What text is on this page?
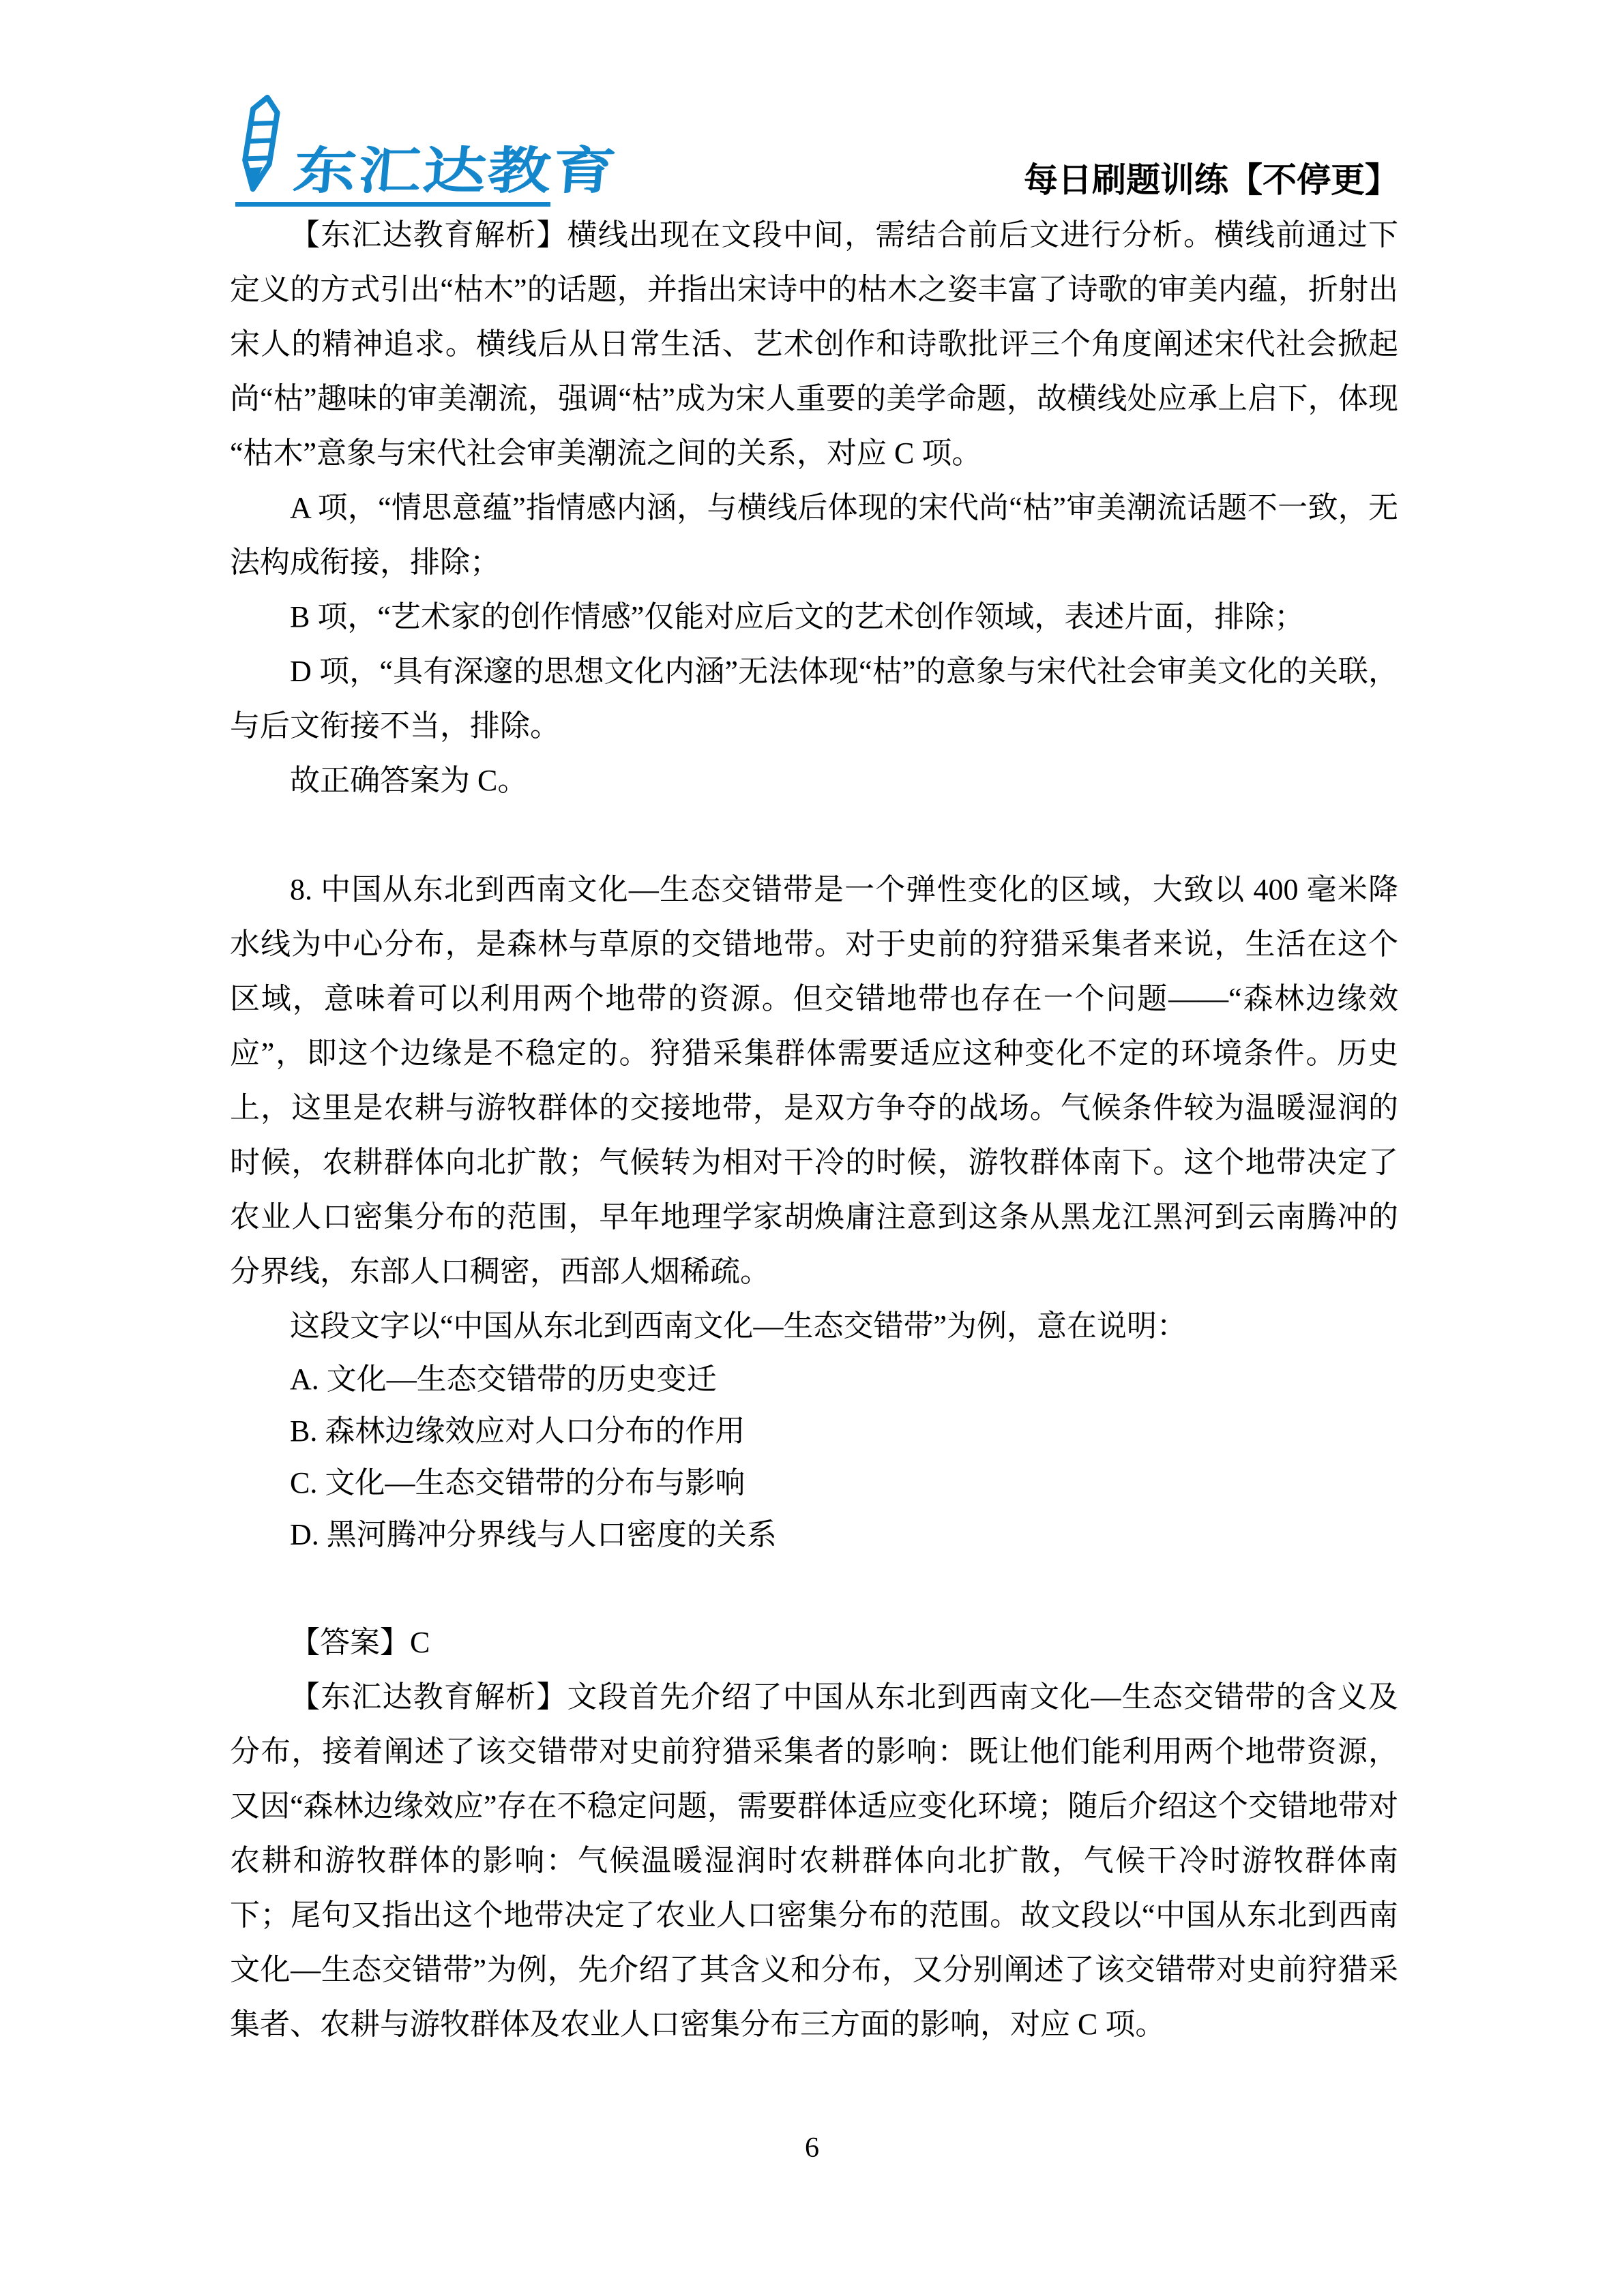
东汇达教育	每日刷题训练【不停更】

【东汇达教育解析】横线出现在文段中间，需结合前后文进行分析。横线前通过下定义的方式引出“枯木”的话题，并指出宋诗中的枯木之姿丰富了诗歌的审美内蕴，折射出宋人的精神追求。横线后从日常生活、艺术创作和诗歌批评三个角度阐述宋代社会掀起尚“枯”趣味的审美潮流，强调“枯”成为宋人重要的美学命题，故横线处应承上启下，体现“枯木”意象与宋代社会审美潮流之间的关系，对应 C 项。

A 项，“情思意蕴”指情感内涵，与横线后体现的宋代尚“枯”审美潮流话题不一致，无法构成衔接，排除；

B 项，“艺术家的创作情感”仅能对应后文的艺术创作领域，表述片面，排除；

D 项，“具有深邃的思想文化内涵”无法体现“枯”的意象与宋代社会审美文化的关联，与后文衔接不当，排除。

故正确答案为 C。

8. 中国从东北到西南文化—生态交错带是一个弹性变化的区域，大致以 400 毫米降水线为中心分布，是森林与草原的交错地带。对于史前的狩猎采集者来说，生活在这个区域，意味着可以利用两个地带的资源。但交错地带也存在一个问题——“森林边缘效应”，即这个边缘是不稳定的。狩猎采集群体需要适应这种变化不定的环境条件。历史上，这里是农耕与游牧群体的交接地带，是双方争夺的战场。气候条件较为温暖湿润的时候，农耕群体向北扩散；气候转为相对干冷的时候，游牧群体南下。这个地带决定了农业人口密集分布的范围，早年地理学家胡焕庸注意到这条从黑龙江黑河到云南腾冲的分界线，东部人口稠密，西部人烟稀疏。

这段文字以“中国从东北到西南文化—生态交错带”为例，意在说明：

A. 文化—生态交错带的历史变迁

B. 森林边缘效应对人口分布的作用

C. 文化—生态交错带的分布与影响

D. 黑河腾冲分界线与人口密度的关系

【答案】C

【东汇达教育解析】文段首先介绍了中国从东北到西南文化—生态交错带的含义及分布，接着阐述了该交错带对史前狩猎采集者的影响：既让他们能利用两个地带资源，又因“森林边缘效应”存在不稳定问题，需要群体适应变化环境；随后介绍这个交错地带对农耕和游牧群体的影响：气候温暖湿润时农耕群体向北扩散，气候干冷时游牧群体南下；尾句又指出这个地带决定了农业人口密集分布的范围。故文段以“中国从东北到西南文化—生态交错带”为例，先介绍了其含义和分布，又分别阐述了该交错带对史前狩猎采集者、农耕与游牧群体及农业人口密集分布三方面的影响，对应 C 项。

6
